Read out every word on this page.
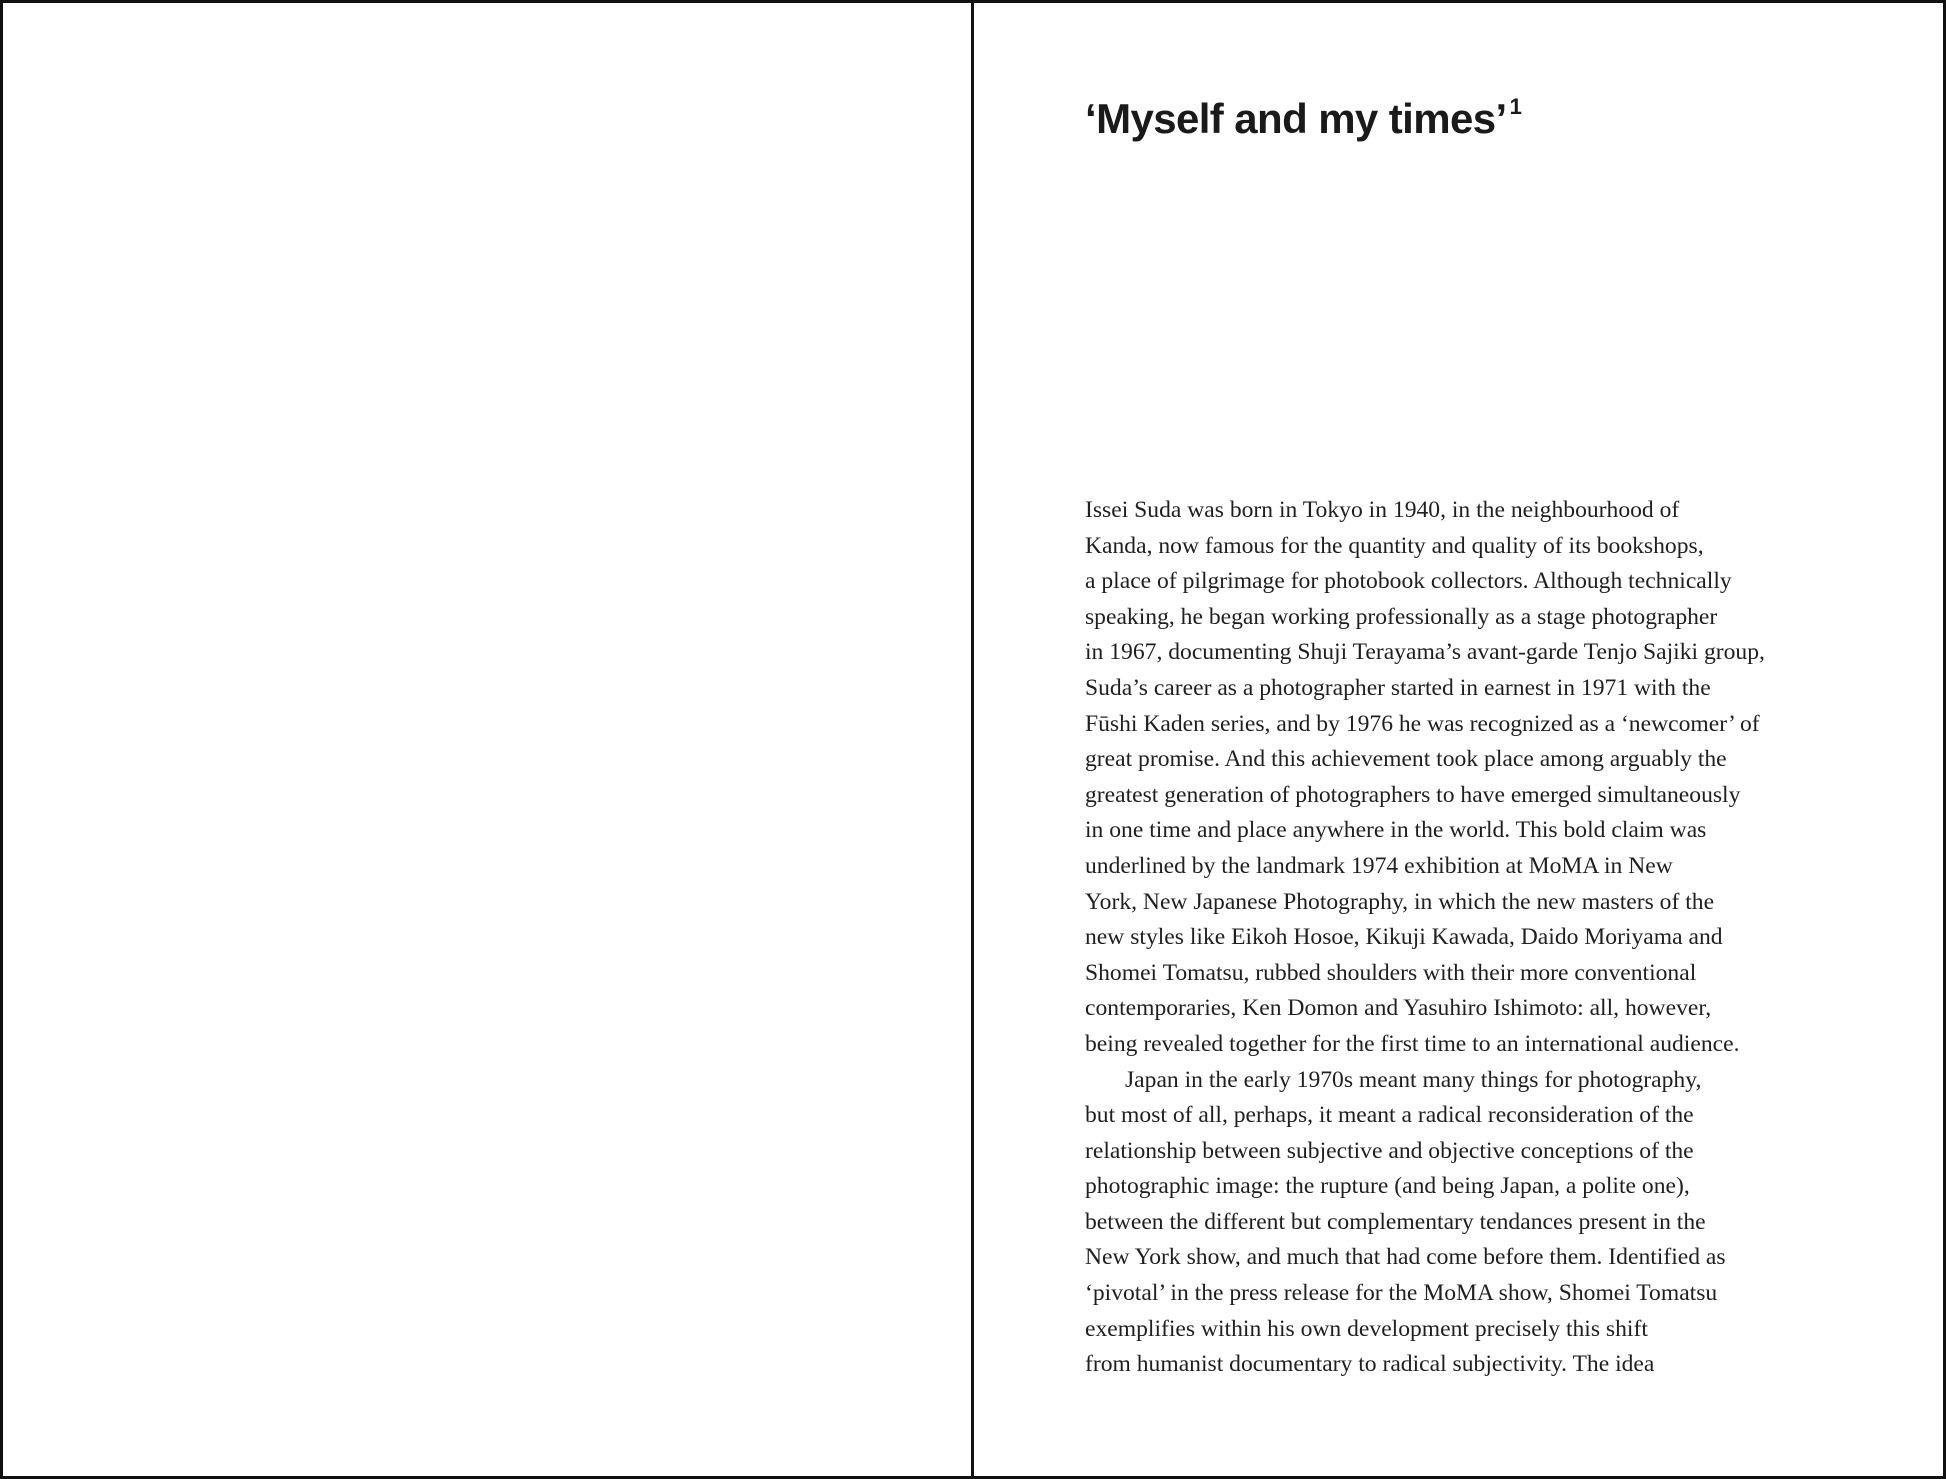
‘Myself and my times’ $^1$
Issei Suda was born in Tokyo in 1940, in the neighbourhood of
Kanda, now famous for the quantity and quality of its bookshops,
a place of pilgrimage for photobook collectors. Although technically
speaking, he began working professionally as a stage photographer
in 1967, documenting Shuji Terayama’s avant-garde Tenjo Sajiki group,
Suda’s career as a photographer started in earnest in 1971 with the
Fūshi Kaden series, and by 1976 he was recognized as a ‘newcomer’ of
great promise. And this achievement took place among arguably the
greatest generation of photographers to have emerged simultaneously
in one time and place anywhere in the world. This bold claim was
underlined by the landmark 1974 exhibition at MoMA in New
York, New Japanese Photography, in which the new masters of the
new styles like Eikoh Hosoe, Kikuji Kawada, Daido Moriyama and
Shomei Tomatsu, rubbed shoulders with their more conventional
contemporaries, Ken Domon and Yasuhiro Ishimoto: all, however,
being revealed together for the first time to an international audience.
Japan in the early 1970s meant many things for photography,
but most of all, perhaps, it meant a radical reconsideration of the
relationship between subjective and objective conceptions of the
photographic image: the rupture (and being Japan, a polite one),
between the different but complementary tendances present in the
New York show, and much that had come before them. Identified as
‘pivotal’ in the press release for the MoMA show, Shomei Tomatsu
exemplifies within his own development precisely this shift
from humanist documentary to radical subjectivity. The idea
